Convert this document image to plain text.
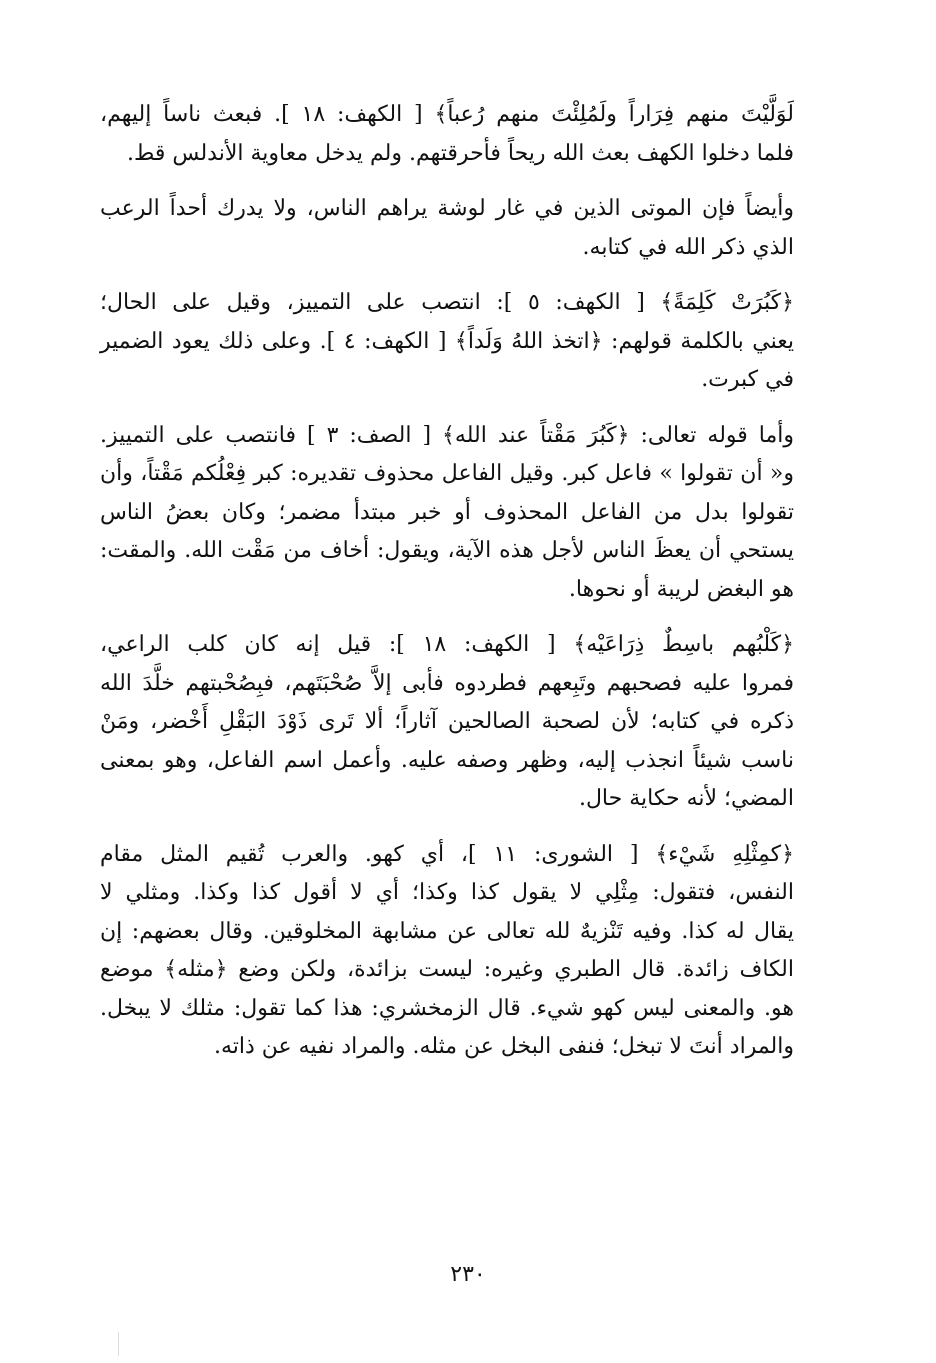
لَوَلَّيْتَ منهم فِرَاراً ولَمُلِئْتَ منهم رُعباً﴾ [ الكهف: ١٨ ]. فبعث ناساً إليهم،
فلما دخلوا الكهف بعث الله ريحاً فأحرقتهم. ولم يدخل معاوية الأندلس قط.

وأيضاً فإن الموتى الذين في غار لوشة يراهم الناس، ولا يدرك أحداً الرعب
الذي ذكر الله في كتابه.

﴿كَبُرَتْ كَلِمَةً﴾ [ الكهف: ٥ ]: انتصب على التمييز، وقيل على الحال؛
يعني بالكلمة قولهم: ﴿اتخذ اللهُ وَلَداً﴾ [ الكهف: ٤ ]. وعلى ذلك يعود الضمير
في كبرت.

وأما قوله تعالى: ﴿كَبُرَ مَقْتاً عند الله﴾ [ الصف: ٣ ] فانتصب على التمييز.
و« أن تقولوا » فاعل كبر. وقيل الفاعل محذوف تقديره: كبر فِعْلُكم مَقْتاً، وأن
تقولوا بدل من الفاعل المحذوف أو خبر مبتدأ مضمر؛ وكان بعضُ الناس
يستحي أن يعظَ الناس لأجل هذه الآية، ويقول: أخاف من مَقْت الله. والمقت:
هو البغض لريبة أو نحوها.

﴿كَلْبُهم باسِطٌ ذِرَاعَيْه﴾ [ الكهف: ١٨ ]: قيل إنه كان كلب الراعي،
فمروا عليه فصحبهم وتَبِعهم فطردوه فأبى إلاَّ صُحْبَتَهم، فبِصُحْبتهم خلَّدَ الله
ذكره في كتابه؛ لأن لصحبة الصالحين آثاراً؛ ألا تَرى ذَوْدَ البَقْلِ أَخْضر، ومَنْ
ناسب شيئاً انجذب إليه، وظهر وصفه عليه. وأعمل اسم الفاعل، وهو بمعنى
المضي؛ لأنه حكاية حال.

﴿كمِثْلِهِ شَيْء﴾ [ الشورى: ١١ ]، أي كهو. والعرب تُقيم المثل مقام
النفس، فتقول: مِثْلِي لا يقول كذا وكذا؛ أي لا أقول كذا وكذا. ومثلي لا
يقال له كذا. وفيه تَنْزيهٌ لله تعالى عن مشابهة المخلوقين. وقال بعضهم: إن
الكاف زائدة. قال الطبري وغيره: ليست بزائدة، ولكن وضع ﴿مثله﴾ موضع
هو. والمعنى ليس كهو شيء. قال الزمخشري: هذا كما تقول: مثلك لا يبخل.
والمراد أنتَ لا تبخل؛ فنفى البخل عن مثله. والمراد نفيه عن ذاته.

٢٣٠
